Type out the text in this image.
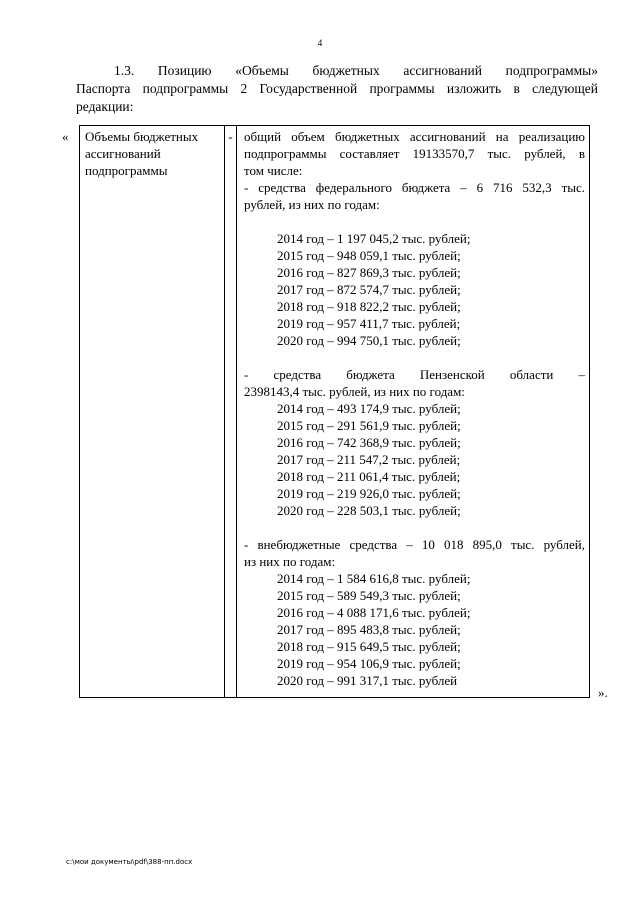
4

1.3. Позицию «Объемы бюджетных ассигнований подпрограммы»

Паспорта подпрограммы 2 Государственной программы изложить в следующей

редакции:

« Объемы бюджетных
ассигнований
подпрограммы
- общий объем бюджетных ассигнований на реализацию

подпрограммы составляет 19133570,7 тыс. рублей, в

том числе:

- средства федерального бюджета – 6 716 532,3 тыс.

рублей, из них по годам:

2014 год – 1 197 045,2 тыс. рублей;
2015 год – 948 059,1 тыс. рублей;
2016 год – 827 869,3 тыс. рублей;
2017 год – 872 574,7 тыс. рублей;
2018 год – 918 822,2 тыс. рублей;
2019 год – 957 411,7 тыс. рублей;
2020 год – 994 750,1 тыс. рублей;

- средства бюджета Пензенской области –

2398143,4 тыс. рублей, из них по годам:

2014 год – 493 174,9 тыс. рублей;
2015 год – 291 561,9 тыс. рублей;
2016 год – 742 368,9 тыс. рублей;
2017 год – 211 547,2 тыс. рублей;
2018 год – 211 061,4 тыс. рублей;
2019 год – 219 926,0 тыс. рублей;
2020 год – 228 503,1 тыс. рублей;

- внебюджетные средства – 10 018 895,0 тыс. рублей,

из них по годам:

2014 год – 1 584 616,8 тыс. рублей;
2015 год – 589 549,3 тыс. рублей;
2016 год – 4 088 171,6 тыс. рублей;
2017 год – 895 483,8 тыс. рублей;
2018 год – 915 649,5 тыс. рублей;
2019 год – 954 106,9 тыс. рублей;
2020 год – 991 317,1 тыс. рублей
».
c:\мои документы\pdf\388-пп.docx
